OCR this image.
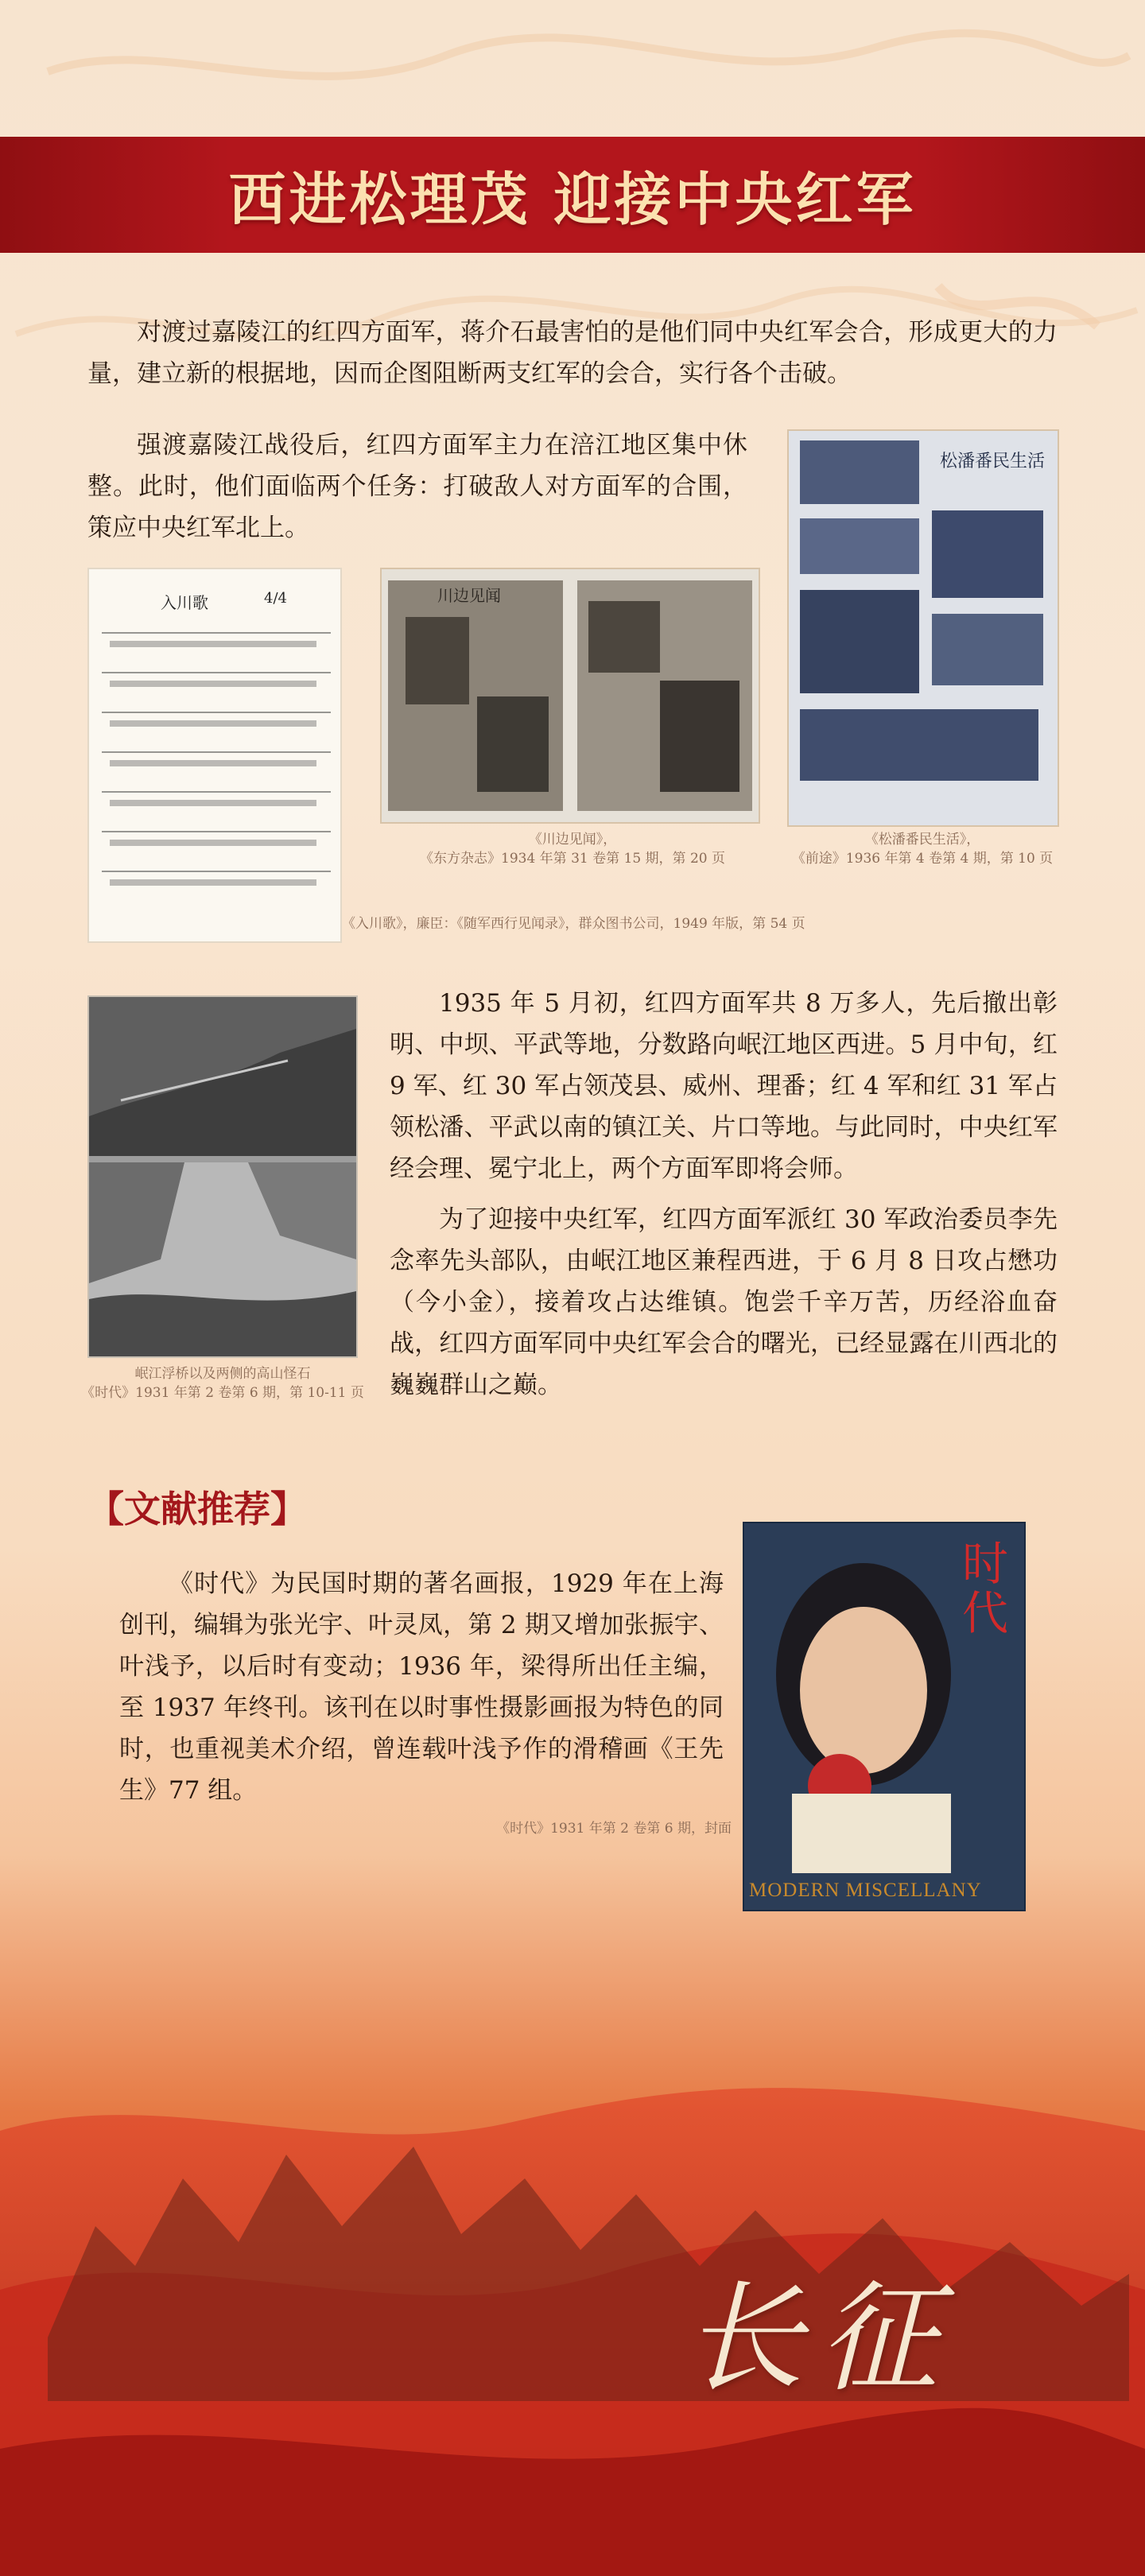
西进松理茂 迎接中央红军

对渡过嘉陵江的红四方面军，蒋介石最害怕的是他们同中央红军会合，形成更大的力量，建立新的根据地，因而企图阻断两支红军的会合，实行各个击破。

强渡嘉陵江战役后，红四方面军主力在涪江地区集中休整。此时，他们面临两个任务：打破敌人对方面军的合围，策应中央红军北上。

松潘番民生活
入川歌	4/4	川边见闻
《川边见闻》，
《东方杂志》1934 年第 31 卷第 15 期，第 20 页
《松潘番民生活》，
《前途》1936 年第 4 卷第 4 期，第 10 页
《入川歌》，廉臣：《随军西行见闻录》，群众图书公司，1949 年版，第 54 页
岷江浮桥以及两侧的高山怪石
《时代》1931 年第 2 卷第 6 期，第 10-11 页

1935 年 5 月初，红四方面军共 8 万多人，先后撤出彰明、中坝、平武等地，分数路向岷江地区西进。5 月中旬，红 9 军、红 30 军占领茂县、威州、理番；红 4 军和红 31 军占领松潘、平武以南的镇江关、片口等地。与此同时，中央红军经会理、冕宁北上，两个方面军即将会师。

为了迎接中央红军，红四方面军派红 30 军政治委员李先念率先头部队，由岷江地区兼程西进，于 6 月 8 日攻占懋功（今小金），接着攻占达维镇。饱尝千辛万苦，历经浴血奋战，红四方面军同中央红军会合的曙光，已经显露在川西北的巍巍群山之巅。

【文献推荐】

《时代》为民国时期的著名画报，1929 年在上海创刊，编辑为张光宇、叶灵凤，第 2 期又增加张振宇、叶浅予，以后时有变动；1936 年，梁得所出任主编，至 1937 年终刊。该刊在以时事性摄影画报为特色的同时，也重视美术介绍，曾连载叶浅予作的滑稽画《王先生》77 组。

时代
MODERN MISCELLANY
《时代》1931 年第 2 卷第 6 期，封面
长征
